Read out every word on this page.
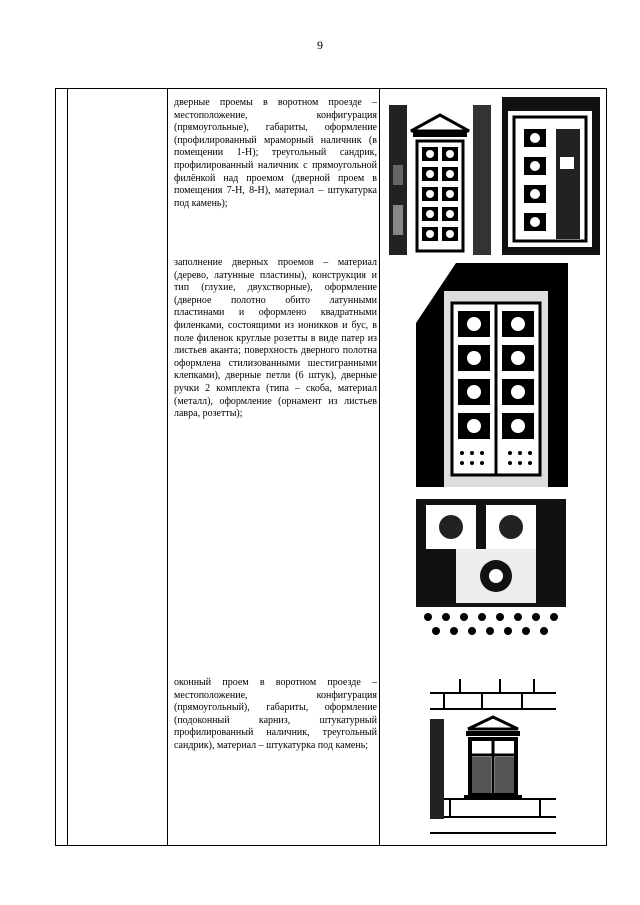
9
дверные проемы в воротном проезде – местоположение, конфигурация (прямоугольные), габариты, оформление (профилированный мраморный наличник (в помещении 1-Н); треугольный сандрик, профилированный наличник с прямоугольной филёнкой над проемом (дверной проем в помещения 7-Н, 8-Н), материал – штукатурка под камень);
заполнение дверных проемов – материал (дерево, латунные пластины), конструкция и тип (глухие, двухстворные), оформление (дверное полотно обито латунными пластинами и оформлено квадратными филенками, состоящими из ионикков и бус, в поле филенок круглые розетты в виде патер из листьев аканта; поверхность дверного полотна оформлена стилизованными шестигранными клепками), дверные петли (6 штук), дверные ручки 2 комплекта (типа – скоба, материал (металл), оформление (орнамент из листьев лавра, розетты);
оконный проем в воротном проезде – местоположение, конфигурация (прямоугольный), габариты, оформление (подоконный карниз, штукатурный профилированный наличник, треугольный сандрик), материал – штукатурка под камень;
